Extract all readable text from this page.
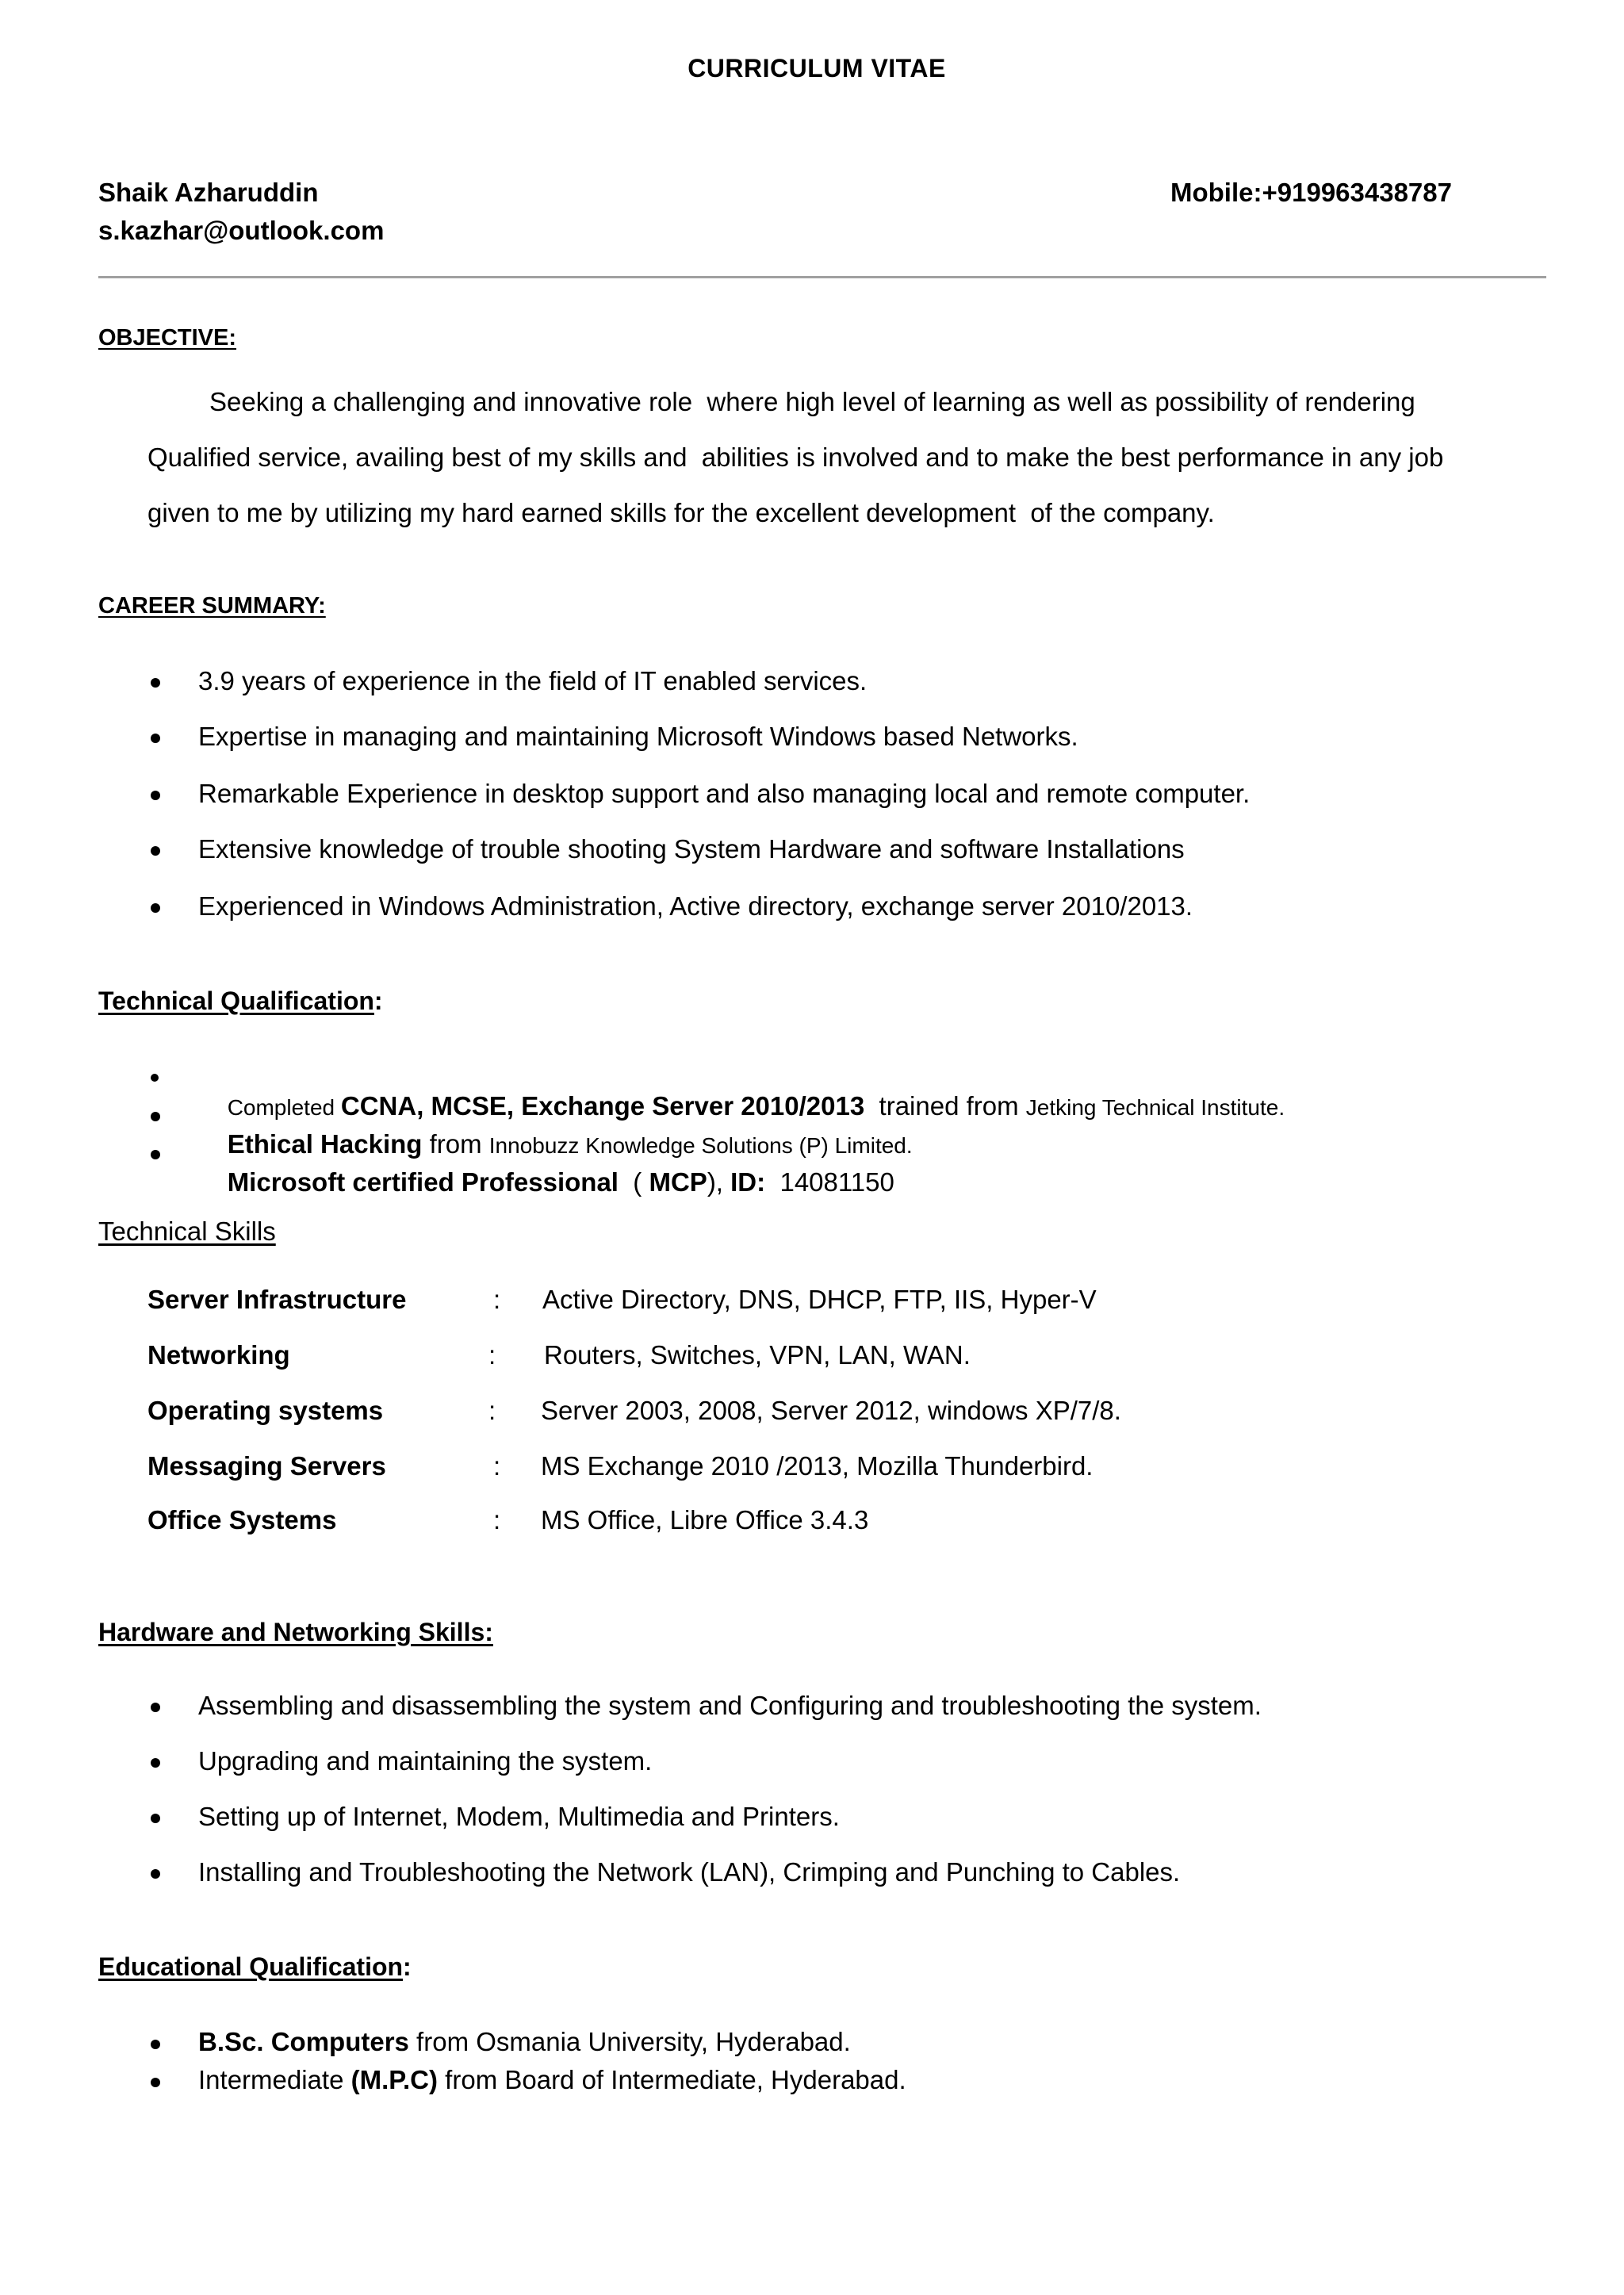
CURRICULUM VITAE
Shaik Azharuddin	Mobile:+919963438787
s.kazhar@outlook.com
OBJECTIVE:
Seeking a challenging and innovative role  where high level of learning as well as possibility of rendering
Qualified service, availing best of my skills and  abilities is involved and to make the best performance in any job
given to me by utilizing my hard earned skills for the excellent development  of the company.
CAREER SUMMARY:
3.9 years of experience in the field of IT enabled services.
Expertise in managing and maintaining Microsoft Windows based Networks.
Remarkable Experience in desktop support and also managing local and remote computer.
Extensive knowledge of trouble shooting System Hardware and software Installations
Experienced in Windows Administration, Active directory, exchange server 2010/2013.
Technical Qualification:

Completed CCNA, MCSE, Exchange Server 2010/2013  trained from Jetking Technical Institute.

Ethical Hacking from Innobuzz Knowledge Solutions (P) Limited.

Microsoft certified Professional  ( MCP), ID:  14081150

Technical Skills
Server Infrastructure	: Active Directory, DNS, DHCP, FTP, IIS, Hyper-V
Networking	: Routers, Switches, VPN, LAN, WAN.
Operating systems	: Server 2003, 2008, Server 2012, windows XP/7/8.
Messaging Servers	: MS Exchange 2010 /2013, Mozilla Thunderbird.
Office Systems	: MS Office, Libre Office 3.4.3
Hardware and Networking Skills:
Assembling and disassembling the system and Configuring and troubleshooting the system.
Upgrading and maintaining the system.
Setting up of Internet, Modem, Multimedia and Printers.
Installing and Troubleshooting the Network (LAN), Crimping and Punching to Cables.
Educational Qualification:
B.Sc. Computers from Osmania University, Hyderabad.
Intermediate (M.P.C) from Board of Intermediate, Hyderabad.
